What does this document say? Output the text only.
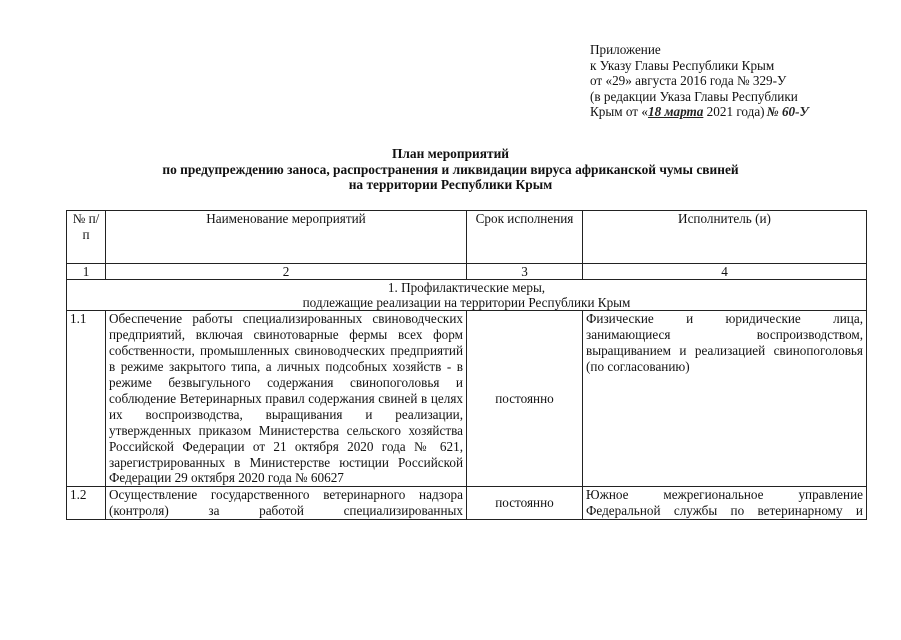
Приложение
к Указу Главы Республики Крым
от «29» августа 2016 года № 329-У
(в редакции Указа Главы Республики
Крым от «18 марта 2021 года) № 60-У
План мероприятий
по предупреждению заноса, распространения и ликвидации вируса африканской чумы свиней
на территории Республики Крым
№ п/п	Наименование мероприятий	Срок исполнения	Исполнитель (и)
1	2	3	4

1. Профилактические меры,
подлежащие реализации на территории Республики Крым			

1.1	Обеспечение работы специализированных свиноводческих предприятий, включая свинотоварные фермы всех форм собственности, промышленных свиноводческих предприятий в режиме закрытого типа, а личных подсобных хозяйств - в режиме безвыгульного содержания свинопоголовья и соблюдение Ветеринарных правил содержания свиней в целях их воспроизводства, выращивания и реализации, утвержденных приказом Министерства сельского хозяйства Российской Федерации от 21 октября 2020 года № 621, зарегистрированных в Министерстве юстиции Российской Федерации 29 октября 2020 года № 60627	постоянно	Физические и юридические лица, занимающиеся воспроизводством, выращиванием и реализацией свинопоголовья (по согласованию)
1.2	Осуществление государственного ветеринарного надзора (контроля) за работой специализированных	постоянно	Южное межрегиональное управление Федеральной службы по ветеринарному и
